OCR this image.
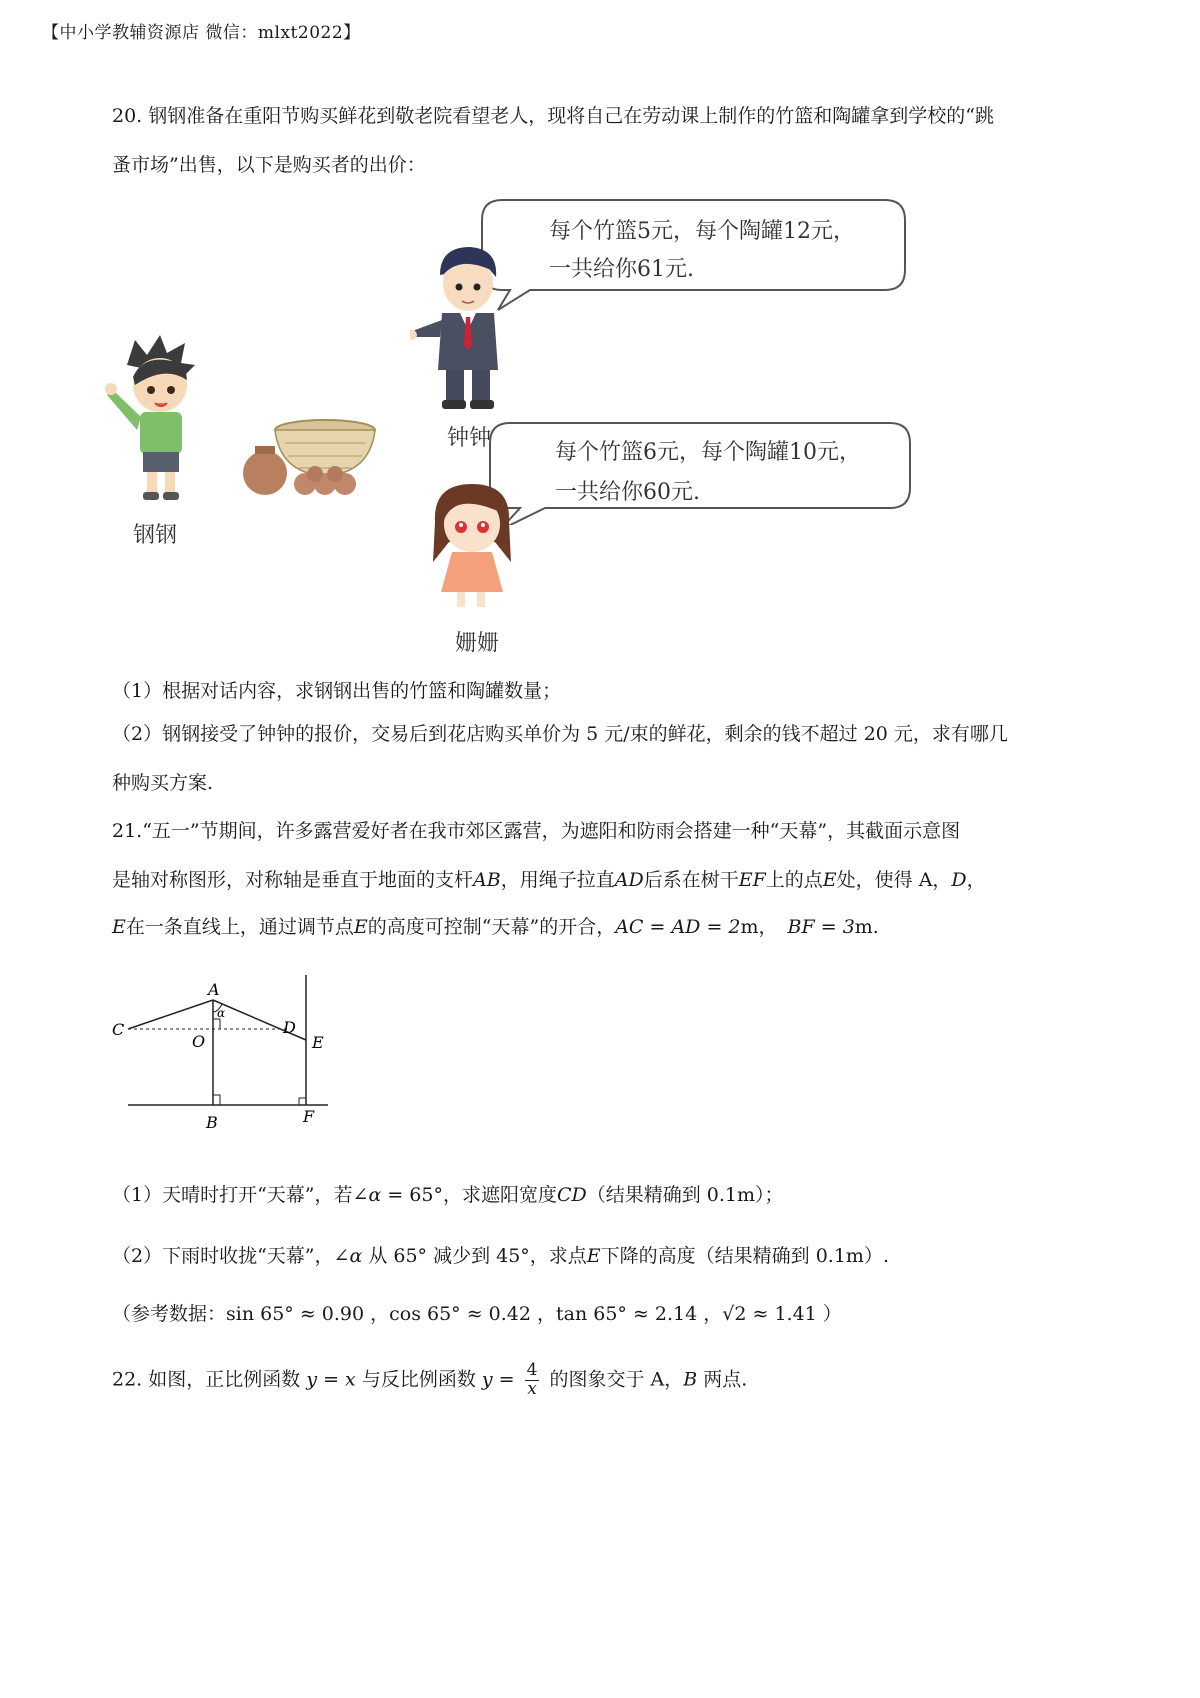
【中小学教辅资源店 微信：mlxt2022】
20. 钢钢准备在重阳节购买鲜花到敬老院看望老人，现将自己在劳动课上制作的竹篮和陶罐拿到学校的“跳
蚤市场”出售，以下是购买者的出价：
每个竹篮5元，每个陶罐12元，
一共给你61元.
每个竹篮6元，每个陶罐10元，
一共给你60元.
钢钢
钟钟
姗姗
（1）根据对话内容，求钢钢出售的竹篮和陶罐数量；
（2）钢钢接受了钟钟的报价，交易后到花店购买单价为 5 元/束的鲜花，剩余的钱不超过 20 元，求有哪几
种购买方案.
21.“五一”节期间，许多露营爱好者在我市郊区露营，为遮阳和防雨会搭建一种“天幕”，其截面示意图
是轴对称图形，对称轴是垂直于地面的支杆AB，用绳子拉直AD后系在树干EF上的点E处，使得 A，D，
E在一条直线上，通过调节点E的高度可控制“天幕”的开合，AC = AD = 2m， BF = 3m.
A
C
O
D
E
B	F
α
（1）天晴时打开“天幕”，若∠α = 65°，求遮阳宽度CD（结果精确到 0.1m）；
（2）下雨时收拢“天幕”，∠α 从 65° 减少到 45°，求点E下降的高度（结果精确到 0.1m）.
（参考数据：sin 65° ≈ 0.90 ，cos 65° ≈ 0.42 ，tan 65° ≈ 2.14 ，√2 ≈ 1.41 ）
22. 如图，正比例函数 y = x 与反比例函数 $y = \frac{4}{x}$ 的图象交于 A，B 两点.
